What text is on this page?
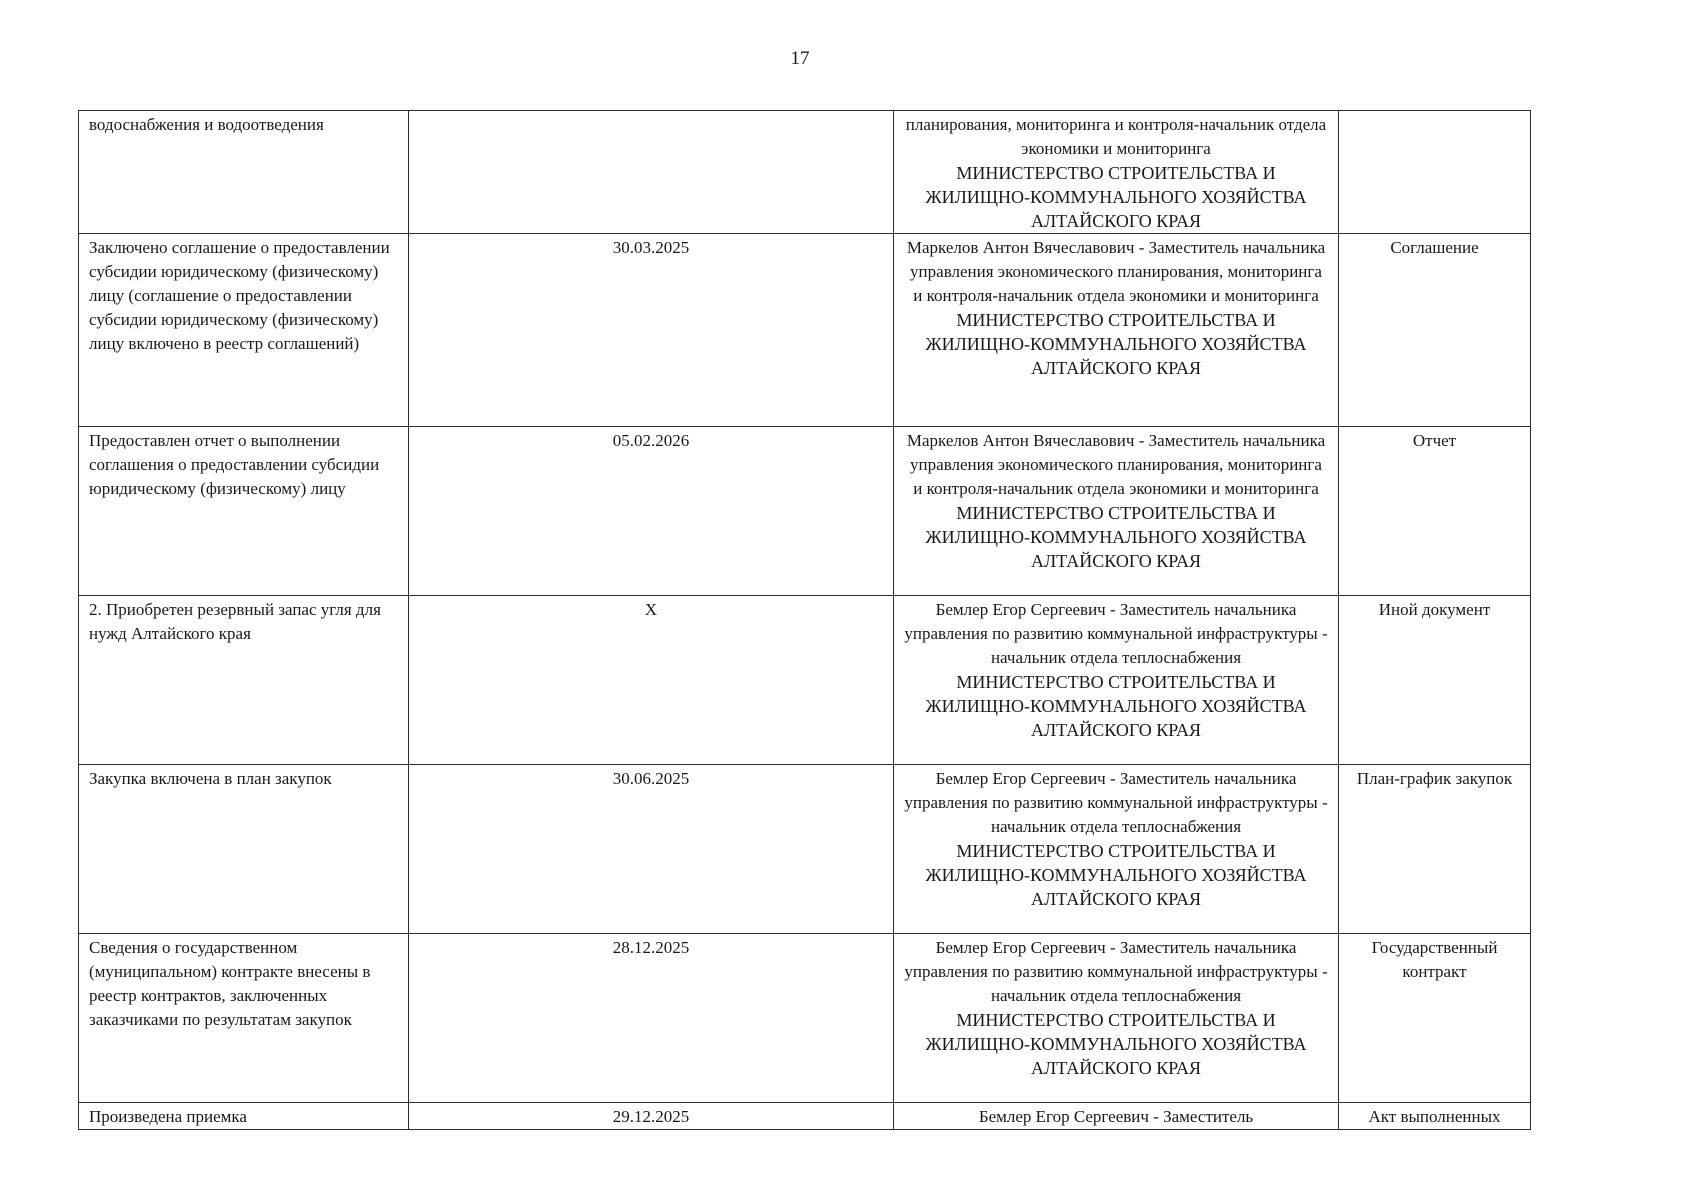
17
водоснабжения и водоотведения		планирования, мониторинга и контроля-начальник отдела экономики и мониторинга
МИНИСТЕРСТВО СТРОИТЕЛЬСТВА И ЖИЛИЩНО-КОММУНАЛЬНОГО ХОЗЯЙСТВА АЛТАЙСКОГО КРАЯ	

Заключено соглашение о предоставлении субсидии юридическому (физическому) лицу (соглашение о предоставлении субсидии юридическому (физическому) лицу включено в реестр соглашений)	30.03.2025	Маркелов Антон Вячеславович - Заместитель начальника управления экономического планирования, мониторинга и контроля-начальник отдела экономики и мониторинга
МИНИСТЕРСТВО СТРОИТЕЛЬСТВА И ЖИЛИЩНО-КОММУНАЛЬНОГО ХОЗЯЙСТВА АЛТАЙСКОГО КРАЯ	Соглашение
Предоставлен отчет о выполнении соглашения о предоставлении субсидии юридическому (физическому) лицу	05.02.2026	Маркелов Антон Вячеславович - Заместитель начальника управления экономического планирования, мониторинга и контроля-начальник отдела экономики и мониторинга
МИНИСТЕРСТВО СТРОИТЕЛЬСТВА И ЖИЛИЩНО-КОММУНАЛЬНОГО ХОЗЯЙСТВА АЛТАЙСКОГО КРАЯ	Отчет
2. Приобретен резервный запас угля для нужд Алтайского края	Х	Бемлер Егор Сергеевич - Заместитель начальника управления по развитию коммунальной инфраструктуры - начальник отдела теплоснабжения
МИНИСТЕРСТВО СТРОИТЕЛЬСТВА И ЖИЛИЩНО-КОММУНАЛЬНОГО ХОЗЯЙСТВА АЛТАЙСКОГО КРАЯ	Иной документ
Закупка включена в план закупок	30.06.2025	Бемлер Егор Сергеевич - Заместитель начальника управления по развитию коммунальной инфраструктуры - начальник отдела теплоснабжения
МИНИСТЕРСТВО СТРОИТЕЛЬСТВА И ЖИЛИЩНО-КОММУНАЛЬНОГО ХОЗЯЙСТВА АЛТАЙСКОГО КРАЯ	План-график закупок
Сведения о государственном (муниципальном) контракте внесены в реестр контрактов, заключенных заказчиками по результатам закупок	28.12.2025	Бемлер Егор Сергеевич - Заместитель начальника управления по развитию коммунальной инфраструктуры - начальник отдела теплоснабжения
МИНИСТЕРСТВО СТРОИТЕЛЬСТВА И ЖИЛИЩНО-КОММУНАЛЬНОГО ХОЗЯЙСТВА АЛТАЙСКОГО КРАЯ	Государственный контракт
Произведена приемка	29.12.2025	Бемлер Егор Сергеевич - Заместитель	Акт выполненных
